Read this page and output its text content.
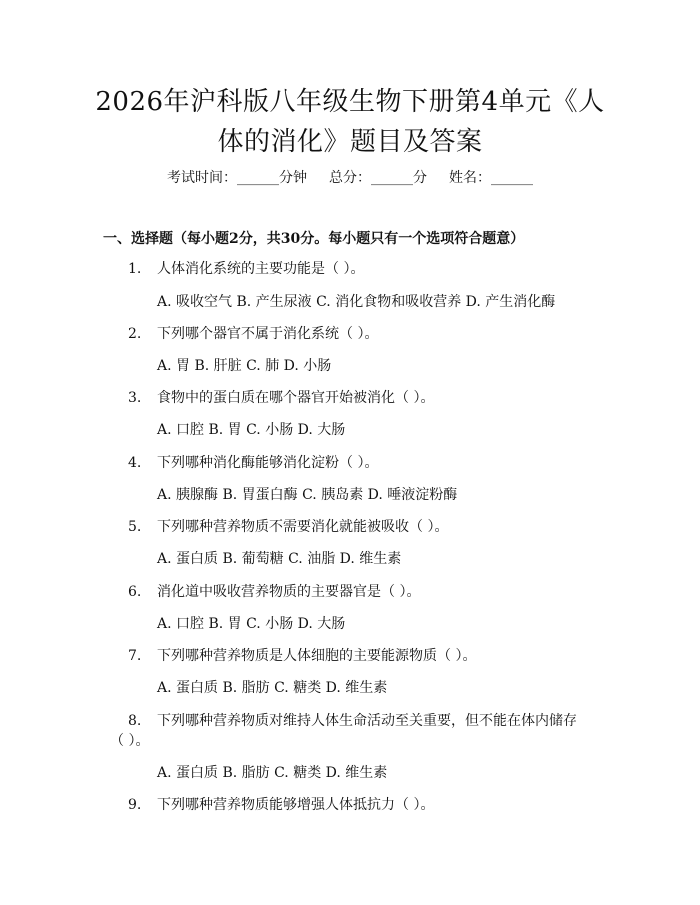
2026年沪科版八年级生物下册第4单元《人
体的消化》题目及答案
考试时间：______分钟 总分：______分 姓名：______
一、选择题（每小题2分，共30分。每小题只有一个选项符合题意）
1. 人体消化系统的主要功能是（ ）。
A. 吸收空气 B. 产生尿液 C. 消化食物和吸收营养 D. 产生消化酶
2. 下列哪个器官不属于消化系统（ ）。
A. 胃 B. 肝脏 C. 肺 D. 小肠
3. 食物中的蛋白质在哪个器官开始被消化（ ）。
A. 口腔 B. 胃 C. 小肠 D. 大肠
4. 下列哪种消化酶能够消化淀粉（ ）。
A. 胰腺酶 B. 胃蛋白酶 C. 胰岛素 D. 唾液淀粉酶
5. 下列哪种营养物质不需要消化就能被吸收（ ）。
A. 蛋白质 B. 葡萄糖 C. 油脂 D. 维生素
6. 消化道中吸收营养物质的主要器官是（ ）。
A. 口腔 B. 胃 C. 小肠 D. 大肠
7. 下列哪种营养物质是人体细胞的主要能源物质（ ）。
A. 蛋白质 B. 脂肪 C. 糖类 D. 维生素
8. 下列哪种营养物质对维持人体生命活动至关重要，但不能在体内储存
（ ）。
A. 蛋白质 B. 脂肪 C. 糖类 D. 维生素
9. 下列哪种营养物质能够增强人体抵抗力（ ）。
